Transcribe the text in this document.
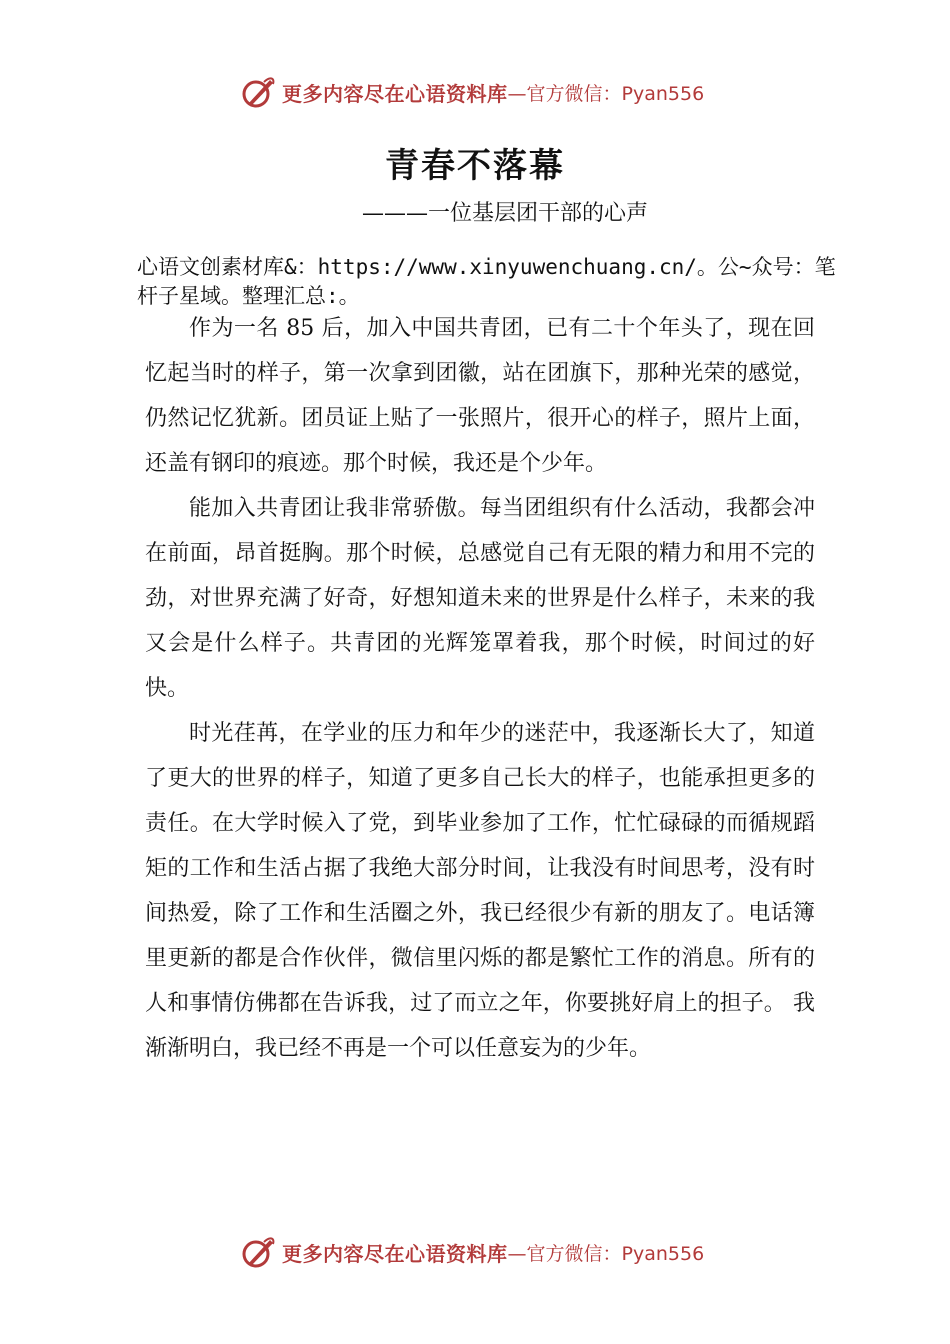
更多内容尽在心语资料库 —官方微信：Pyan556
青春不落幕
———一位基层团干部的心声
心语文创素材库&：https://www.xinyuwenchuang.cn/。公~众号：笔杆子星域。整理汇总:。

作为一名 85 后，加入中国共青团，已有二十个年头了，现在回忆起当时的样子，第一次拿到团徽，站在团旗下，那种光荣的感觉，仍然记忆犹新。团员证上贴了一张照片，很开心的样子，照片上面，还盖有钢印的痕迹。那个时候，我还是个少年。

能加入共青团让我非常骄傲。每当团组织有什么活动，我都会冲在前面，昂首挺胸。那个时候，总感觉自己有无限的精力和用不完的劲，对世界充满了好奇，好想知道未来的世界是什么样子，未来的我又会是什么样子。共青团的光辉笼罩着我，那个时候，时间过的好快。

时光荏苒，在学业的压力和年少的迷茫中，我逐渐长大了，知道了更大的世界的样子，知道了更多自己长大的样子，也能承担更多的责任。在大学时候入了党，到毕业参加了工作，忙忙碌碌的而循规蹈矩的工作和生活占据了我绝大部分时间，让我没有时间思考，没有时间热爱，除了工作和生活圈之外，我已经很少有新的朋友了。电话簿里更新的都是合作伙伴，微信里闪烁的都是繁忙工作的消息。所有的人和事情仿佛都在告诉我，过了而立之年，你要挑好肩上的担子。 我渐渐明白，我已经不再是一个可以任意妄为的少年。

更多内容尽在心语资料库 —官方微信：Pyan556
